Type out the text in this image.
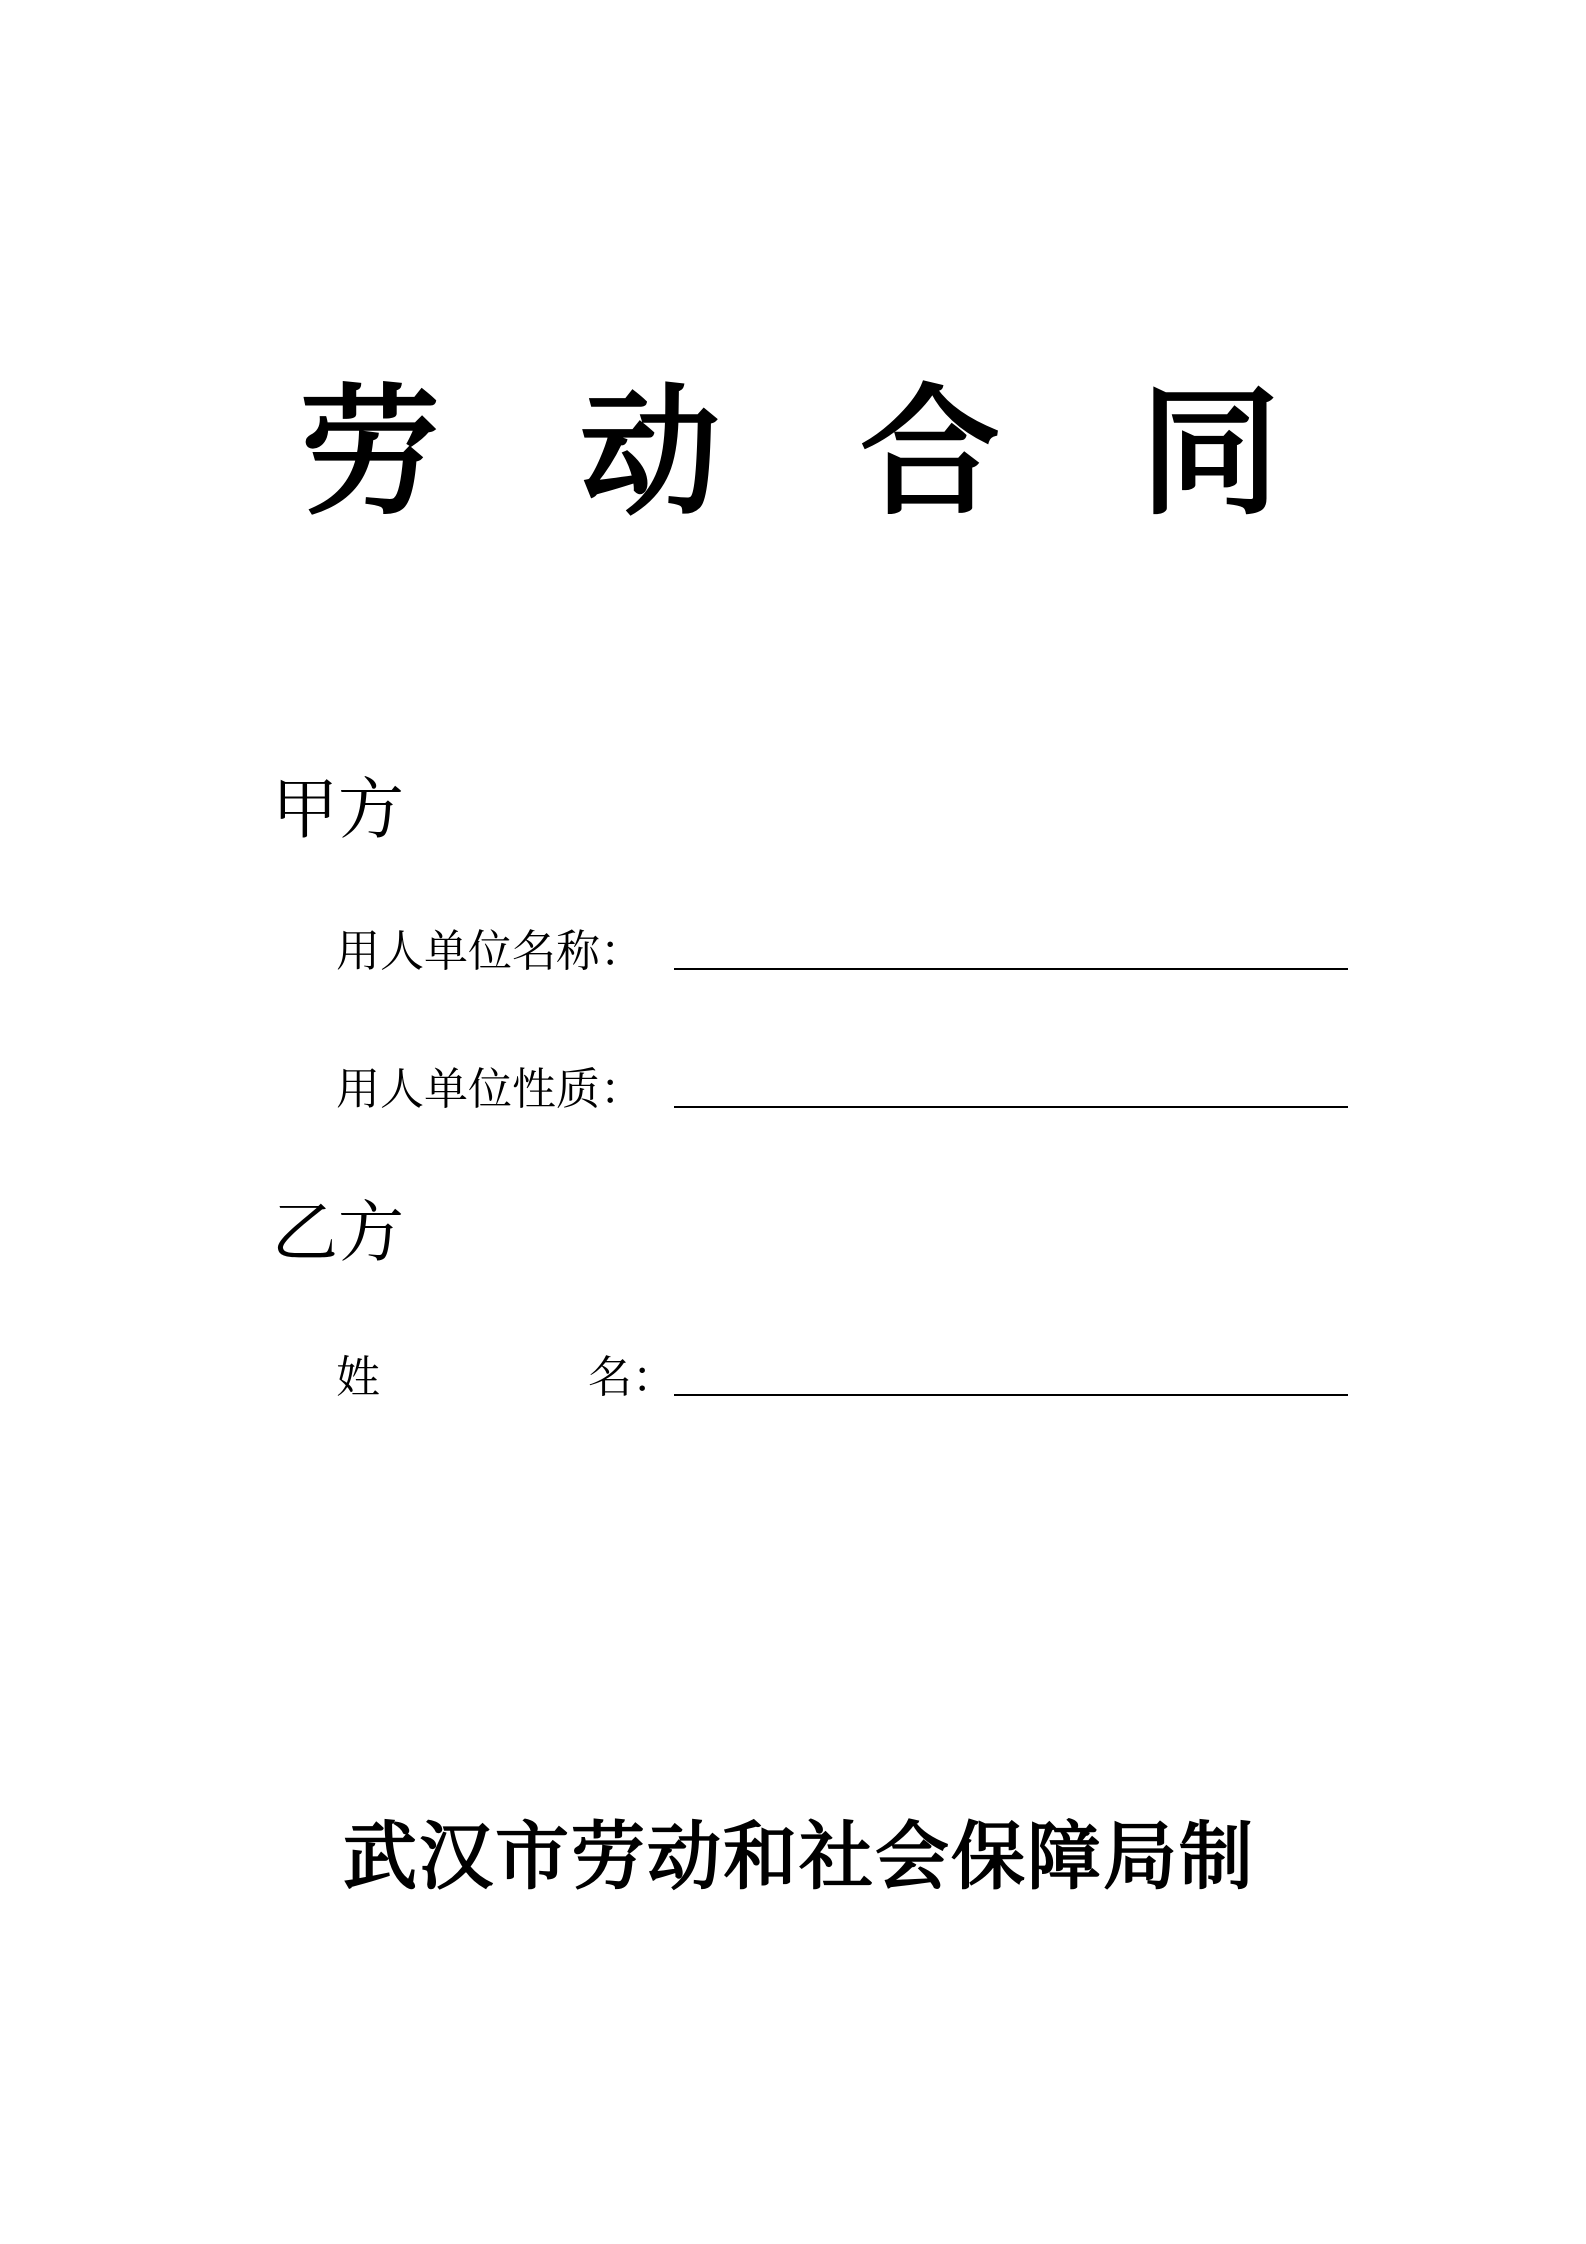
劳 动 合 同
甲方
用人单位名称：
用人单位性质：
乙方
姓	名：
武汉市劳动和社会保障局制
